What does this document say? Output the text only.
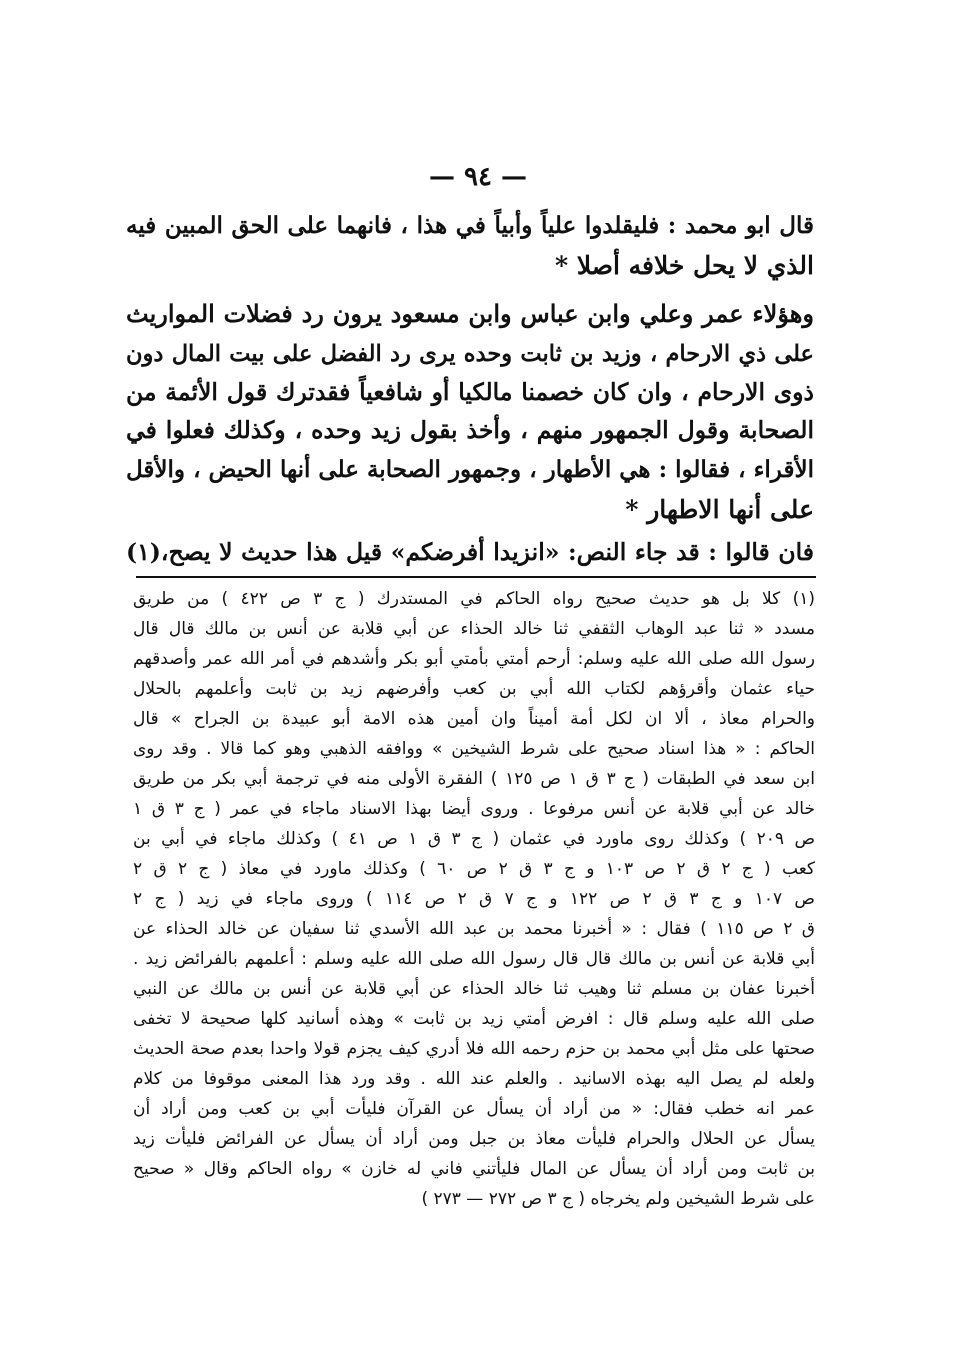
— ٩٤ —
قال ابو محمد : فليقلدوا علياً وأبياً في هذا ، فانهما على الحق المبين فيه
الذي لا يحل خلافه أصلا *
وهؤلاء عمر وعلي وابن عباس وابن مسعود يرون رد فضلات المواريث
على ذي الارحام ، وزيد بن ثابت وحده يرى رد الفضل على بيت المال دون
ذوى الارحام ، وان كان خصمنا مالكيا أو شافعياً فقدترك قول الأئمة من
الصحابة وقول الجمهور منهم ، وأخذ بقول زيد وحده ، وكذلك فعلوا في
الأقراء ، فقالوا : هي الأطهار ، وجمهور الصحابة على أنها الحيض ، والأقل
على أنها الاطهار *
فان قالوا : قد جاء النص: «انزيدا أفرضكم» قيل هذا حديث لا يصح،(١)
(١) كلا بل هو حديث صحيح رواه الحاكم في المستدرك ( ج ٣ ص ٤٢٢ ) من طريق
مسدد « ثنا عبد الوهاب الثقفي ثنا خالد الحذاء عن أبي قلابة عن أنس بن مالك قال قال
رسول الله صلى الله عليه وسلم: أرحم أمتي بأمتي أبو بكر وأشدهم في أمر الله عمر وأصدقهم
حياء عثمان وأقرؤهم لكتاب الله أبي بن كعب وأفرضهم زيد بن ثابت وأعلمهم بالحلال
والحرام معاذ ، ألا ان لكل أمة أميناً وان أمين هذه الامة أبو عبيدة بن الجراح » قال
الحاكم : « هذا اسناد صحيح على شرط الشيخين » ووافقه الذهبي وهو كما قالا . وقد روى
ابن سعد في الطبقات ( ج ٣ ق ١ ص ١٢٥ ) الفقرة الأولى منه في ترجمة أبي بكر من طريق
خالد عن أبي قلابة عن أنس مرفوعا . وروى أيضا بهذا الاسناد ماجاء في عمر ( ج ٣ ق ١
ص ٢٠٩ ) وكذلك روى ماورد في عثمان ( ج ٣ ق ١ ص ٤١ ) وكذلك ماجاء في أبي بن
كعب ( ج ٢ ق ٢ ص ١٠٣ و ج ٣ ق ٢ ص ٦٠ ) وكذلك ماورد في معاذ ( ج ٢ ق ٢
ص ١٠٧ و ج ٣ ق ٢ ص ١٢٢ و ج ٧ ق ٢ ص ١١٤ ) وروى ماجاء في زيد ( ج ٢
ق ٢ ص ١١٥ ) فقال : « أخبرنا محمد بن عبد الله الأسدي ثنا سفيان عن خالد الحذاء عن
أبي قلابة عن أنس بن مالك قال قال رسول الله صلى الله عليه وسلم : أعلمهم بالفرائض زيد .
أخبرنا عفان بن مسلم ثنا وهيب ثنا خالد الحذاء عن أبي قلابة عن أنس بن مالك عن النبي
صلى الله عليه وسلم قال : افرض أمتي زيد بن ثابت » وهذه أسانيد كلها صحيحة لا تخفى
صحتها على مثل أبي محمد بن حزم رحمه الله فلا أدري كيف يجزم قولا واحدا بعدم صحة الحديث
ولعله لم يصل اليه بهذه الاسانيد . والعلم عند الله . وقد ورد هذا المعنى موقوفا من كلام
عمر انه خطب فقال: « من أراد أن يسأل عن القرآن فليأت أبي بن كعب ومن أراد أن
يسأل عن الحلال والحرام فليأت معاذ بن جبل ومن أراد أن يسأل عن الفرائض فليأت زيد
بن ثابت ومن أراد أن يسأل عن المال فليأتني فاني له خازن » رواه الحاكم وقال « صحيح
على شرط الشيخين ولم يخرجاه ( ج ٣ ص ٢٧٢ — ٢٧٣ )
